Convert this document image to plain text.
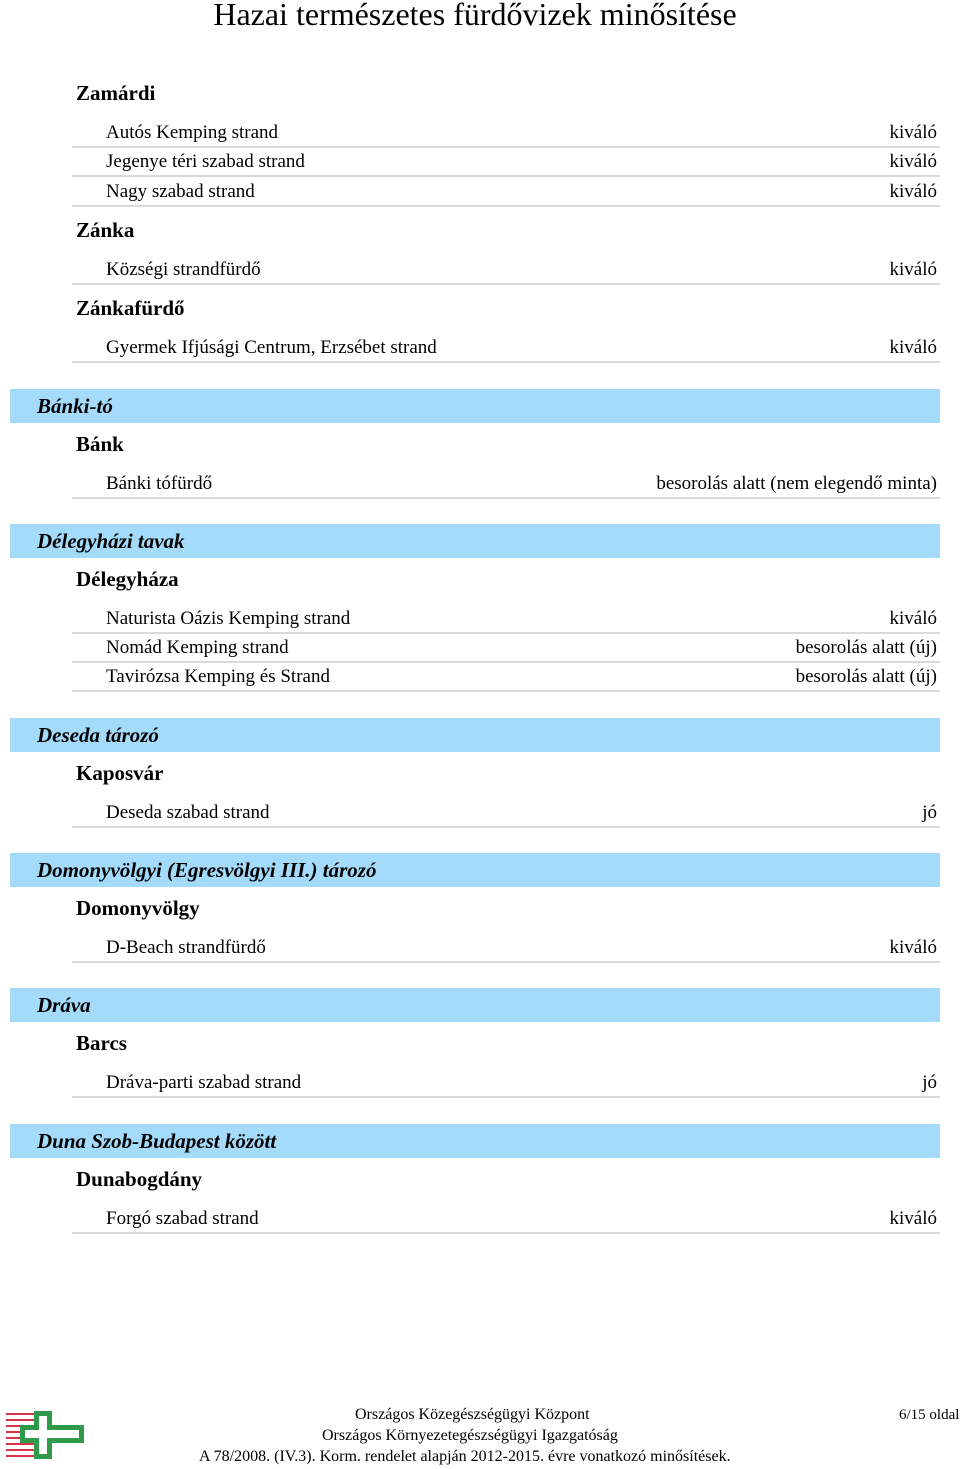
Hazai természetes fürdővizek minősítése
Zamárdi
Autós Kemping strand	kiváló
Jegenye téri szabad strand	kiváló
Nagy szabad strand	kiváló
Zánka
Községi strandfürdő	kiváló
Zánkafürdő
Gyermek Ifjúsági Centrum, Erzsébet strand	kiváló
Bánki-tó
Bánk
Bánki tófürdő	besorolás alatt (nem elegendő minta)
Délegyházi tavak
Délegyháza
Naturista Oázis Kemping strand	kiváló
Nomád Kemping strand	besorolás alatt (új)
Tavirózsa Kemping és Strand	besorolás alatt (új)
Deseda tározó
Kaposvár
Deseda szabad strand	jó
Domonyvölgyi (Egresvölgyi III.) tározó
Domonyvölgy
D-Beach strandfürdő	kiváló
Dráva
Barcs
Dráva-parti szabad strand	jó
Duna Szob-Budapest között
Dunabogdány
Forgó szabad strand	kiváló
Országos Közegészségügyi Központ
Országos Környezetegészségügyi Igazgatóság
A 78/2008. (IV.3). Korm. rendelet alapján 2012-2015. évre vonatkozó minősítések.
6/15 oldal
